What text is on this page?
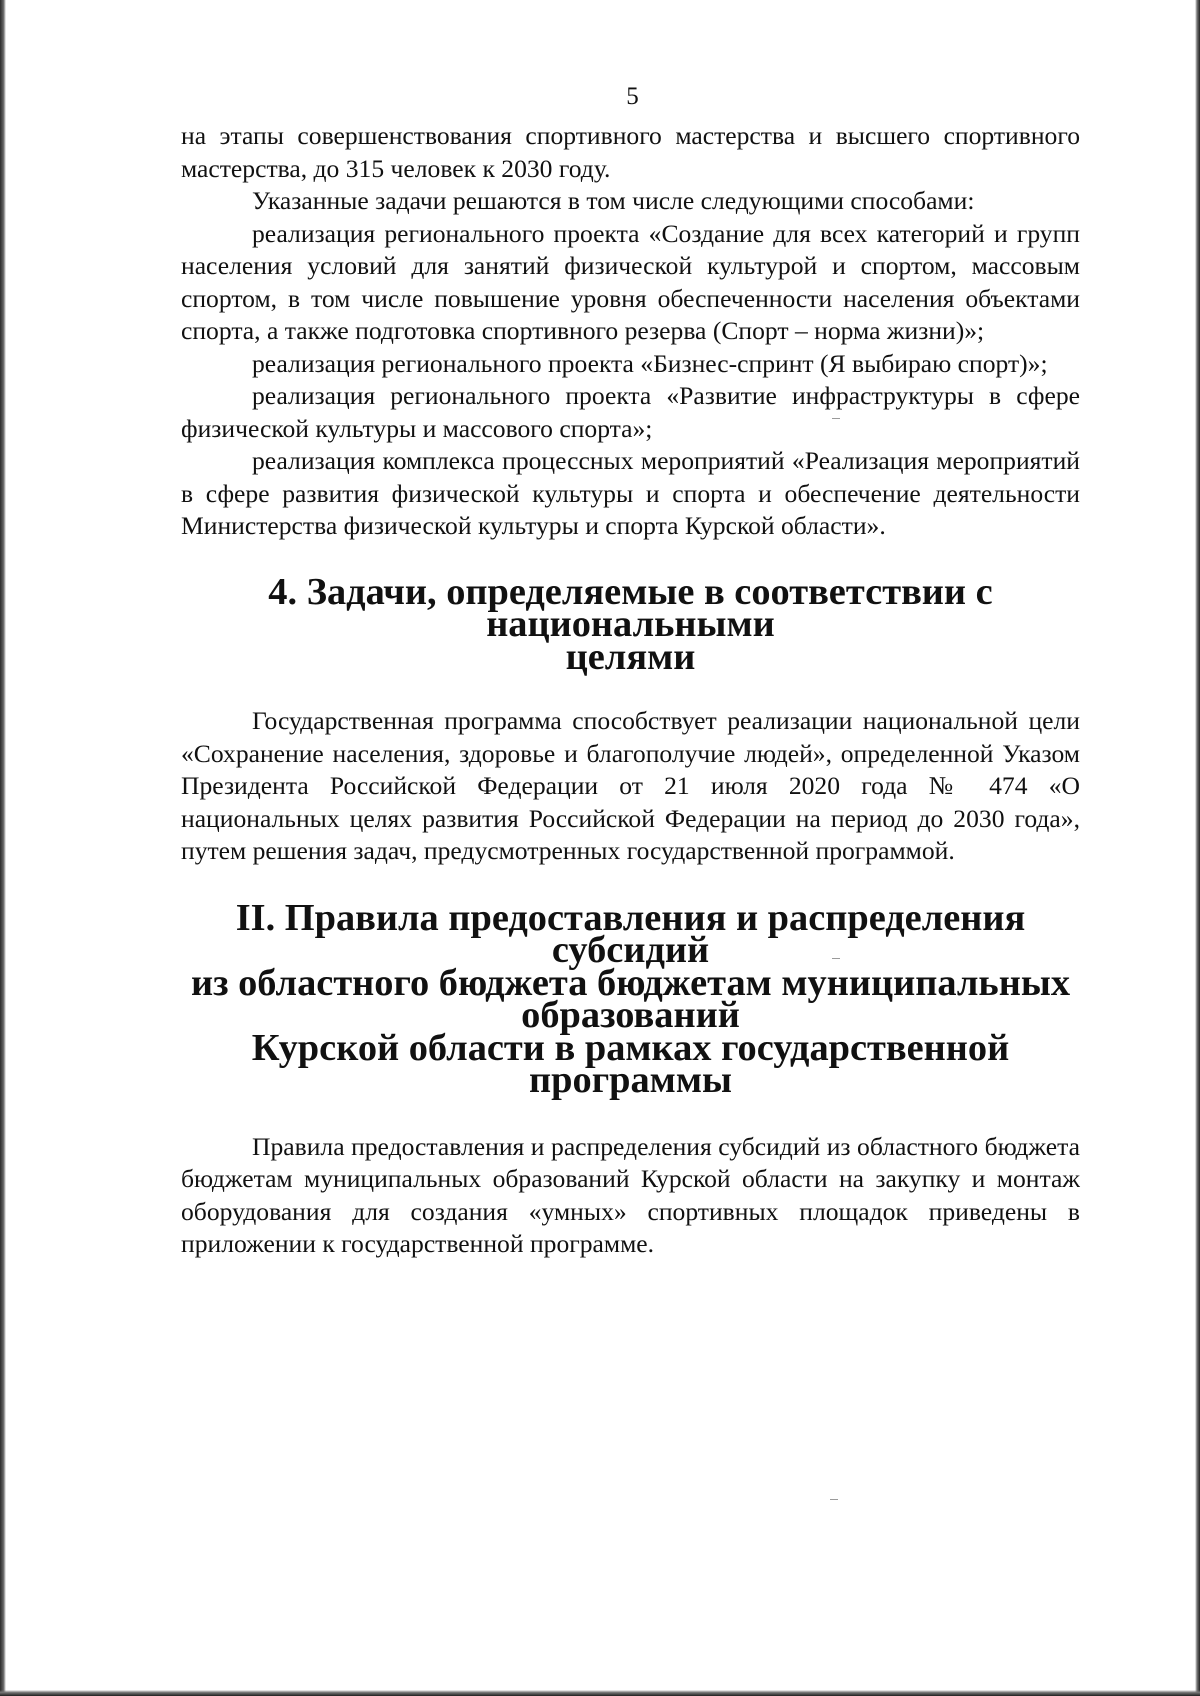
5

на этапы совершенствования спортивного мастерства и высшего спортивного мастерства, до 315 человек к 2030 году.

Указанные задачи решаются в том числе следующими способами:

реализация регионального проекта «Создание для всех категорий и групп населения условий для занятий физической культурой и спортом, массовым спортом, в том числе повышение уровня обеспеченности населения объектами спорта, а также подготовка спортивного резерва (Спорт – норма жизни)»;

реализация регионального проекта «Бизнес-спринт (Я выбираю спорт)»;

реализация регионального проекта «Развитие инфраструктуры в сфере физической культуры и массового спорта»;

реализация комплекса процессных мероприятий «Реализация мероприятий в сфере развития физической культуры и спорта и обеспечение деятельности Министерства физической культуры и спорта Курской области».

4. Задачи, определяемые в соответствии с национальными
целями

Государственная программа способствует реализации национальной цели «Сохранение населения, здоровье и благополучие людей», определенной Указом Президента Российской Федерации от 21 июля 2020 года № 474 «О национальных целях развития Российской Федерации на период до 2030 года», путем решения задач, предусмотренных государственной программой.

II. Правила предоставления и распределения субсидий
из областного бюджета бюджетам муниципальных образований
Курской области в рамках государственной программы

Правила предоставления и распределения субсидий из областного бюджета бюджетам муниципальных образований Курской области на закупку и монтаж оборудования для создания «умных» спортивных площадок приведены в приложении к государственной программе.
